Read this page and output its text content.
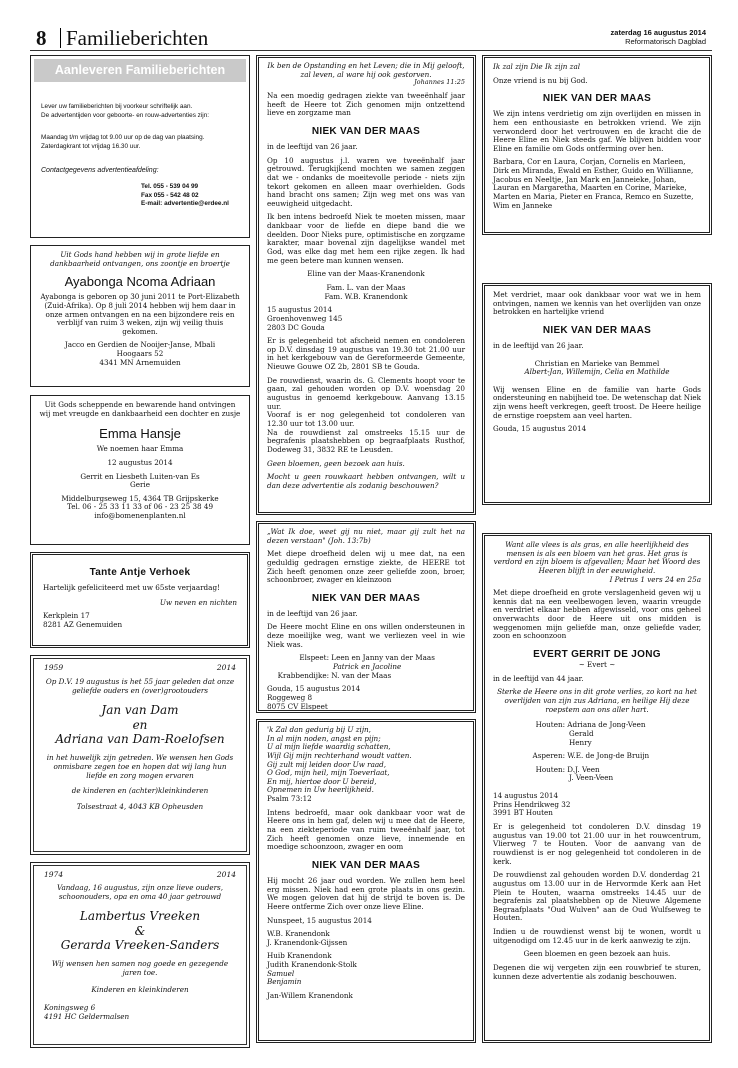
8 Familieberichten	zaterdag 16 augustus 2014
Reformatorisch Dagblad
Aanleveren Familieberichten
Lever uw familieberichten bij voorkeur schriftelijk aan.
De advertentijden voor geboorte- en rouw-advertenties zijn:
Maandag t/m vrijdag tot 9.00 uur op de dag van plaatsing.
Zaterdagkrant tot vrijdag 16.30 uur.
Contactgegevens advertentieafdeling:
Tel. 055 - 539 04 99
Fax 055 - 542 48 02
E-mail: advertentie@erdee.nl
Uit Gods hand hebben wij in grote liefde en dankbaarheid ontvangen, ons zoontje en broertje
Ayabonga Ncoma Adriaan
Ayabonga is geboren op 30 juni 2011 te Port-Elizabeth (Zuid-Afrika). Op 8 juli 2014 hebben wij hem daar in onze armen ontvangen en na een bijzondere reis en verblijf van ruim 3 weken, zijn wij veilig thuis gekomen.
Jacco en Gerdien de Nooijer-Janse, Mbali
Hoogaars 52
4341 MN Arnemuiden
Uit Gods scheppende en bewarende hand ontvingen wij met vreugde en dankbaarheid een dochter en zusje
Emma Hansje
We noemen haar Emma
12 augustus 2014
Gerrit en Liesbeth Luiten-van Es
Gerie
Middelburgseweg 15, 4364 TB Grijpskerke
Tel. 06 - 25 33 11 33 of 06 - 23 25 38 49
info@bomenenplanten.nl
Tante Antje Verhoek
Hartelijk gefeliciteerd met uw 65ste verjaardag!
Uw neven en nichten
Kerkplein 17
8281 AZ Genemuiden
1959	2014
Op D.V. 19 augustus is het 55 jaar geleden dat onze geliefde ouders en (over)grootouders
Jan van Dam
en
Adriana van Dam-Roelofsen
in het huwelijk zijn getreden. We wensen hen Gods onmisbare zegen toe en hopen dat wij lang hun liefde en zorg mogen ervaren
de kinderen en (achter)kleinkinderen
Tolsestraat 4, 4043 KB Opheusden
1974	2014
Vandaag, 16 augustus, zijn onze lieve ouders, schoonouders, opa en oma 40 jaar getrouwd
Lambertus Vreeken
&
Gerarda Vreeken-Sanders
Wij wensen hen samen nog goede en gezegende jaren toe.
Kinderen en kleinkinderen
Koningsweg 6
4191 HC Geldermalsen
Ik ben de Opstanding en het Leven; die in Mij gelooft, zal leven, al ware hij ook gestorven.
Johannes 11:25
Na een moedig gedragen ziekte van tweeënhalf jaar heeft de Heere tot Zich genomen mijn ontzettend lieve en zorgzame man
NIEK VAN DER MAAS
in de leeftijd van 26 jaar.
Op 10 augustus j.l. waren we tweeënhalf jaar getrouwd. Terugkijkend mochten we samen zeggen dat we - ondanks de moeitevolle periode - niets zijn tekort gekomen en alleen maar overhielden. Gods hand bracht ons samen; Zijn weg met ons was van eeuwigheid uitgedacht.
Ik ben intens bedroefd Niek te moeten missen, maar dankbaar voor de liefde en diepe band die we deelden. Door Nieks pure, optimistische en zorgzame karakter, maar bovenal zijn dagelijkse wandel met God, was elke dag met hem een rijke zegen. Ik had me geen betere man kunnen wensen.
Eline van der Maas-Kranendonk
Fam. L. van der Maas
Fam. W.B. Kranendonk
15 augustus 2014
Groenhovenweg 145
2803 DC Gouda
Er is gelegenheid tot afscheid nemen en condoleren op D.V. dinsdag 19 augustus van 19.30 tot 21.00 uur in het kerkgebouw van de Gereformeerde Gemeente, Nieuwe Gouwe OZ 2b, 2801 SB te Gouda.
De rouwdienst, waarin ds. G. Clements hoopt voor te gaan, zal gehouden worden op D.V. woensdag 20 augustus in genoemd kerkgebouw. Aanvang 13.15 uur.
Vooraf is er nog gelegenheid tot condoleren van 12.30 uur tot 13.00 uur.
Na de rouwdienst zal omstreeks 15.15 uur de begrafenis plaatshebben op begraafplaats Rusthof, Dodeweg 31, 3832 RE te Leusden.
Geen bloemen, geen bezoek aan huis.
Mocht u geen rouwkaart hebben ontvangen, wilt u dan deze advertentie als zodanig beschouwen?
„Wat Ik doe, weet gij nu niet, maar gij zult het na dezen verstaan" (Joh. 13:7b)
Met diepe droefheid delen wij u mee dat, na een geduldig gedragen ernstige ziekte, de HEERE tot Zich heeft genomen onze zeer geliefde zoon, broer, schoonbroer, zwager en kleinzoon
NIEK VAN DER MAAS
in de leeftijd van 26 jaar.
De Heere mocht Eline en ons willen ondersteunen in deze moeilijke weg, want we verliezen veel in wie Niek was.
Elspeet: Leen en Janny van der Maas
Patrick en Jacoline
Krabbendijke: N. van der Maas
Gouda, 15 augustus 2014
Roggeweg 8
8075 CV Elspeet
'k Zal dan gedurig bij U zijn,
In al mijn noden, angst en pijn;
U al mijn liefde waardig schatten,
Wijl Gij mijn rechterhand woudt vatten.
Gij zult mij leiden door Uw raad,
O God, mijn heil, mijn Toeverlaat,
En mij, hiertoe door U bereid,
Opnemen in Uw heerlijkheid.
Psalm 73:12
Intens bedroefd, maar ook dankbaar voor wat de Heere ons in hem gaf, delen wij u mee dat de Heere, na een ziekteperiode van ruim tweeënhalf jaar, tot Zich heeft genomen onze lieve, innemende en moedige schoonzoon, zwager en oom
NIEK VAN DER MAAS
Hij mocht 26 jaar oud worden. We zullen hem heel erg missen. Niek had een grote plaats in ons gezin. We mogen geloven dat hij de strijd te boven is. De Heere ontferme Zich over onze lieve Eline.
Nunspeet, 15 augustus 2014
W.B. Kranendonk
J. Kranendonk-Gijssen
Huib Kranendonk
Judith Kranendonk-Stolk
Samuel
Benjamin
Jan-Willem Kranendonk
Ik zal zijn Die Ik zijn zal
Onze vriend is nu bij God.
NIEK VAN DER MAAS
We zijn intens verdrietig om zijn overlijden en missen in hem een enthousiaste en betrokken vriend. We zijn verwonderd door het vertrouwen en de kracht die de Heere Eline en Niek steeds gaf. We blijven bidden voor Eline en familie om Gods ontferming over hen.
Barbara, Cor en Laura, Corjan, Cornelis en Marleen, Dirk en Miranda, Ewald en Esther, Guido en Willianne, Jacobus en Neeltje, Jan Mark en Janneieke, Johan, Lauran en Margaretha, Maarten en Corine, Marieke, Marten en Maria, Pieter en Franca, Remco en Suzette, Wim en Janneke
Met verdriet, maar ook dankbaar voor wat we in hem ontvingen, namen we kennis van het overlijden van onze betrokken en hartelijke vriend
NIEK VAN DER MAAS
in de leeftijd van 26 jaar.
Christian en Marieke van Bemmel
Albert-Jan, Willemijn, Celia en Mathilde
Wij wensen Eline en de familie van harte Gods ondersteuning en nabijheid toe. De wetenschap dat Niek zijn wens heeft verkregen, geeft troost. De Heere heilige de ernstige roepstem aan veel harten.
Gouda, 15 augustus 2014
Want alle vlees is als gras, en alle heerlijkheid des mensen is als een bloem van het gras. Het gras is verdord en zijn bloem is afgevallen; Maar het Woord des Heeren blijft in der eeuwigheid.
I Petrus 1 vers 24 en 25a
Met diepe droefheid en grote verslagenheid geven wij u kennis dat na een veelbewogen leven, waarin vreugde en verdriet elkaar hebben afgewisseld, voor ons geheel onverwachts door de Heere uit ons midden is weggenomen mijn geliefde man, onze geliefde vader, zoon en schoonzoon
EVERT GERRIT DE JONG
~ Evert ~
in de leeftijd van 44 jaar.
Sterke de Heere ons in dit grote verlies, zo kort na het overlijden van zijn zus Adriana, en heilige Hij deze roepstem aan ons aller hart.
Houten: Adriana de Jong-Veen
Gerald
Henry
Asperen: W.E. de Jong-de Bruijn
Houten: D.J. Veen
J. Veen-Veen
14 augustus 2014
Prins Hendrikweg 32
3991 BT Houten
Er is gelegenheid tot condoleren D.V. dinsdag 19 augustus van 19.00 tot 21.00 uur in het rouwcentrum, Vlierweg 7 te Houten. Voor de aanvang van de rouwdienst is er nog gelegenheid tot condoleren in de kerk.
De rouwdienst zal gehouden worden D.V. donderdag 21 augustus om 13.00 uur in de Hervormde Kerk aan Het Plein te Houten, waarna omstreeks 14.45 uur de begrafenis zal plaatshebben op de Nieuwe Algemene Begraafplaats "Oud Wulven" aan de Oud Wulfseweg te Houten.
Indien u de rouwdienst wenst bij te wonen, wordt u uitgenodigd om 12.45 uur in de kerk aanwezig te zijn.
Geen bloemen en geen bezoek aan huis.
Degenen die wij vergeten zijn een rouwbrief te sturen, kunnen deze advertentie als zodanig beschouwen.
